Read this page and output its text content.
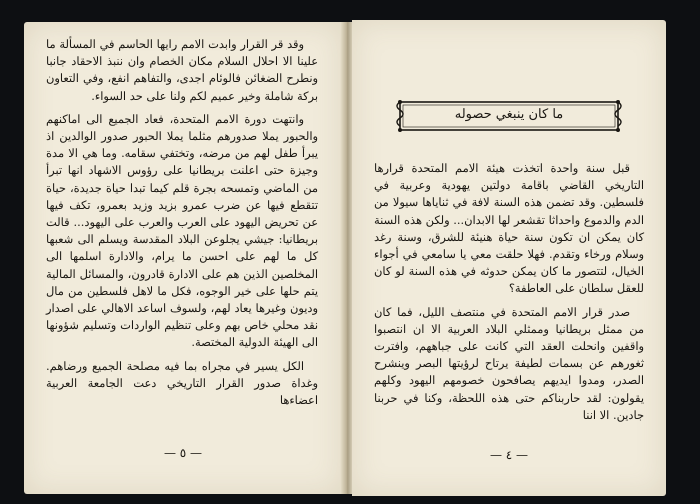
وقد قر القرار وابدت الامم رايها الحاسم في المسألة ما علينا الا احلال السلام مكان الخصام وان ننبذ الاحقاد جانبا ونطرح الضغائن فالوئام اجدى، والتفاهم انفع، وفي التعاون بركة شاملة وخير عميم لكم ولنا على حد السواء.

وانتهت دورة الامم المتحدة، فعاد الجميع الى اماكنهم والحبور يملا صدورهم مثلما يملا الحبور صدور الوالدين اذ يبرأ طفل لهم من مرضه، وتختفي سقامه. وما هي الا مدة وجيزة حتى اعلنت بريطانيا على رؤوس الاشهاد انها تبرأ من الماضي وتمسحه بجرة قلم كيما تبدا حياة جديدة، حياة تتقطع فيها عن ضرب عمرو بزيد وزيد بعمرو، تكف فيها عن تحريض اليهود على العرب والعرب على اليهود... قالت بريطانيا: جيشي يجلوعن البلاد المقدسة ويسلم الى شعبها كل ما لهم على احسن ما يرام، والادارة اسلمها الى المخلصين الذين هم على الادارة قادرون، والمسائل المالية يتم حلها على خير الوجوه، فكل ما لاهل فلسطين من مال وديون وغيرها يعاد لهم، ولسوف اساعد الاهالي على اصدار نقد محلي خاص بهم وعلى تنظيم الواردات وتسليم شؤونها الى الهيئة الدولية المختصة.

الكل يسير في مجراه بما فيه مصلحة الجميع ورضاهم. وغداة صدور القرار التاريخي دعت الجامعة العربية اعضاءها

— ٥ —
ما كان ينبغي حصوله

قبل سنة واحدة اتخذت هيئة الامم المتحدة قرارها التاريخي القاضي باقامة دولتين يهودية وعربية في فلسطين. وقد تضمن هذه السنة لافة في ثناياها سيولا من الدم والدموع واحداثا تقشعر لها الابدان... ولكن هذه السنة كان يمكن ان تكون سنة حياة هنيئة للشرق، وسنة رغد وسلام ورخاء وتقدم. فهلا حلقت معي يا سامعي في أجواء الخيال، لتتصور ما كان يمكن حدوثه في هذه السنة لو كان للعقل سلطان على العاطفة؟

صدر قرار الامم المتحدة في منتصف الليل، فما كان من ممثل بريطانيا وممثلي البلاد العربية الا ان انتصبوا واقفين وانحلت العقد التي كانت على جباههم، وافترت ثغورهم عن بسمات لطيفة يرتاح لرؤيتها البصر وينشرح الصدر، ومدوا ايديهم يصافحون خصومهم اليهود وكلهم يقولون: لقد حاربناكم حتى هذه اللحظة، وكنا في حربنا جادين. الا اننا

— ٤ —
